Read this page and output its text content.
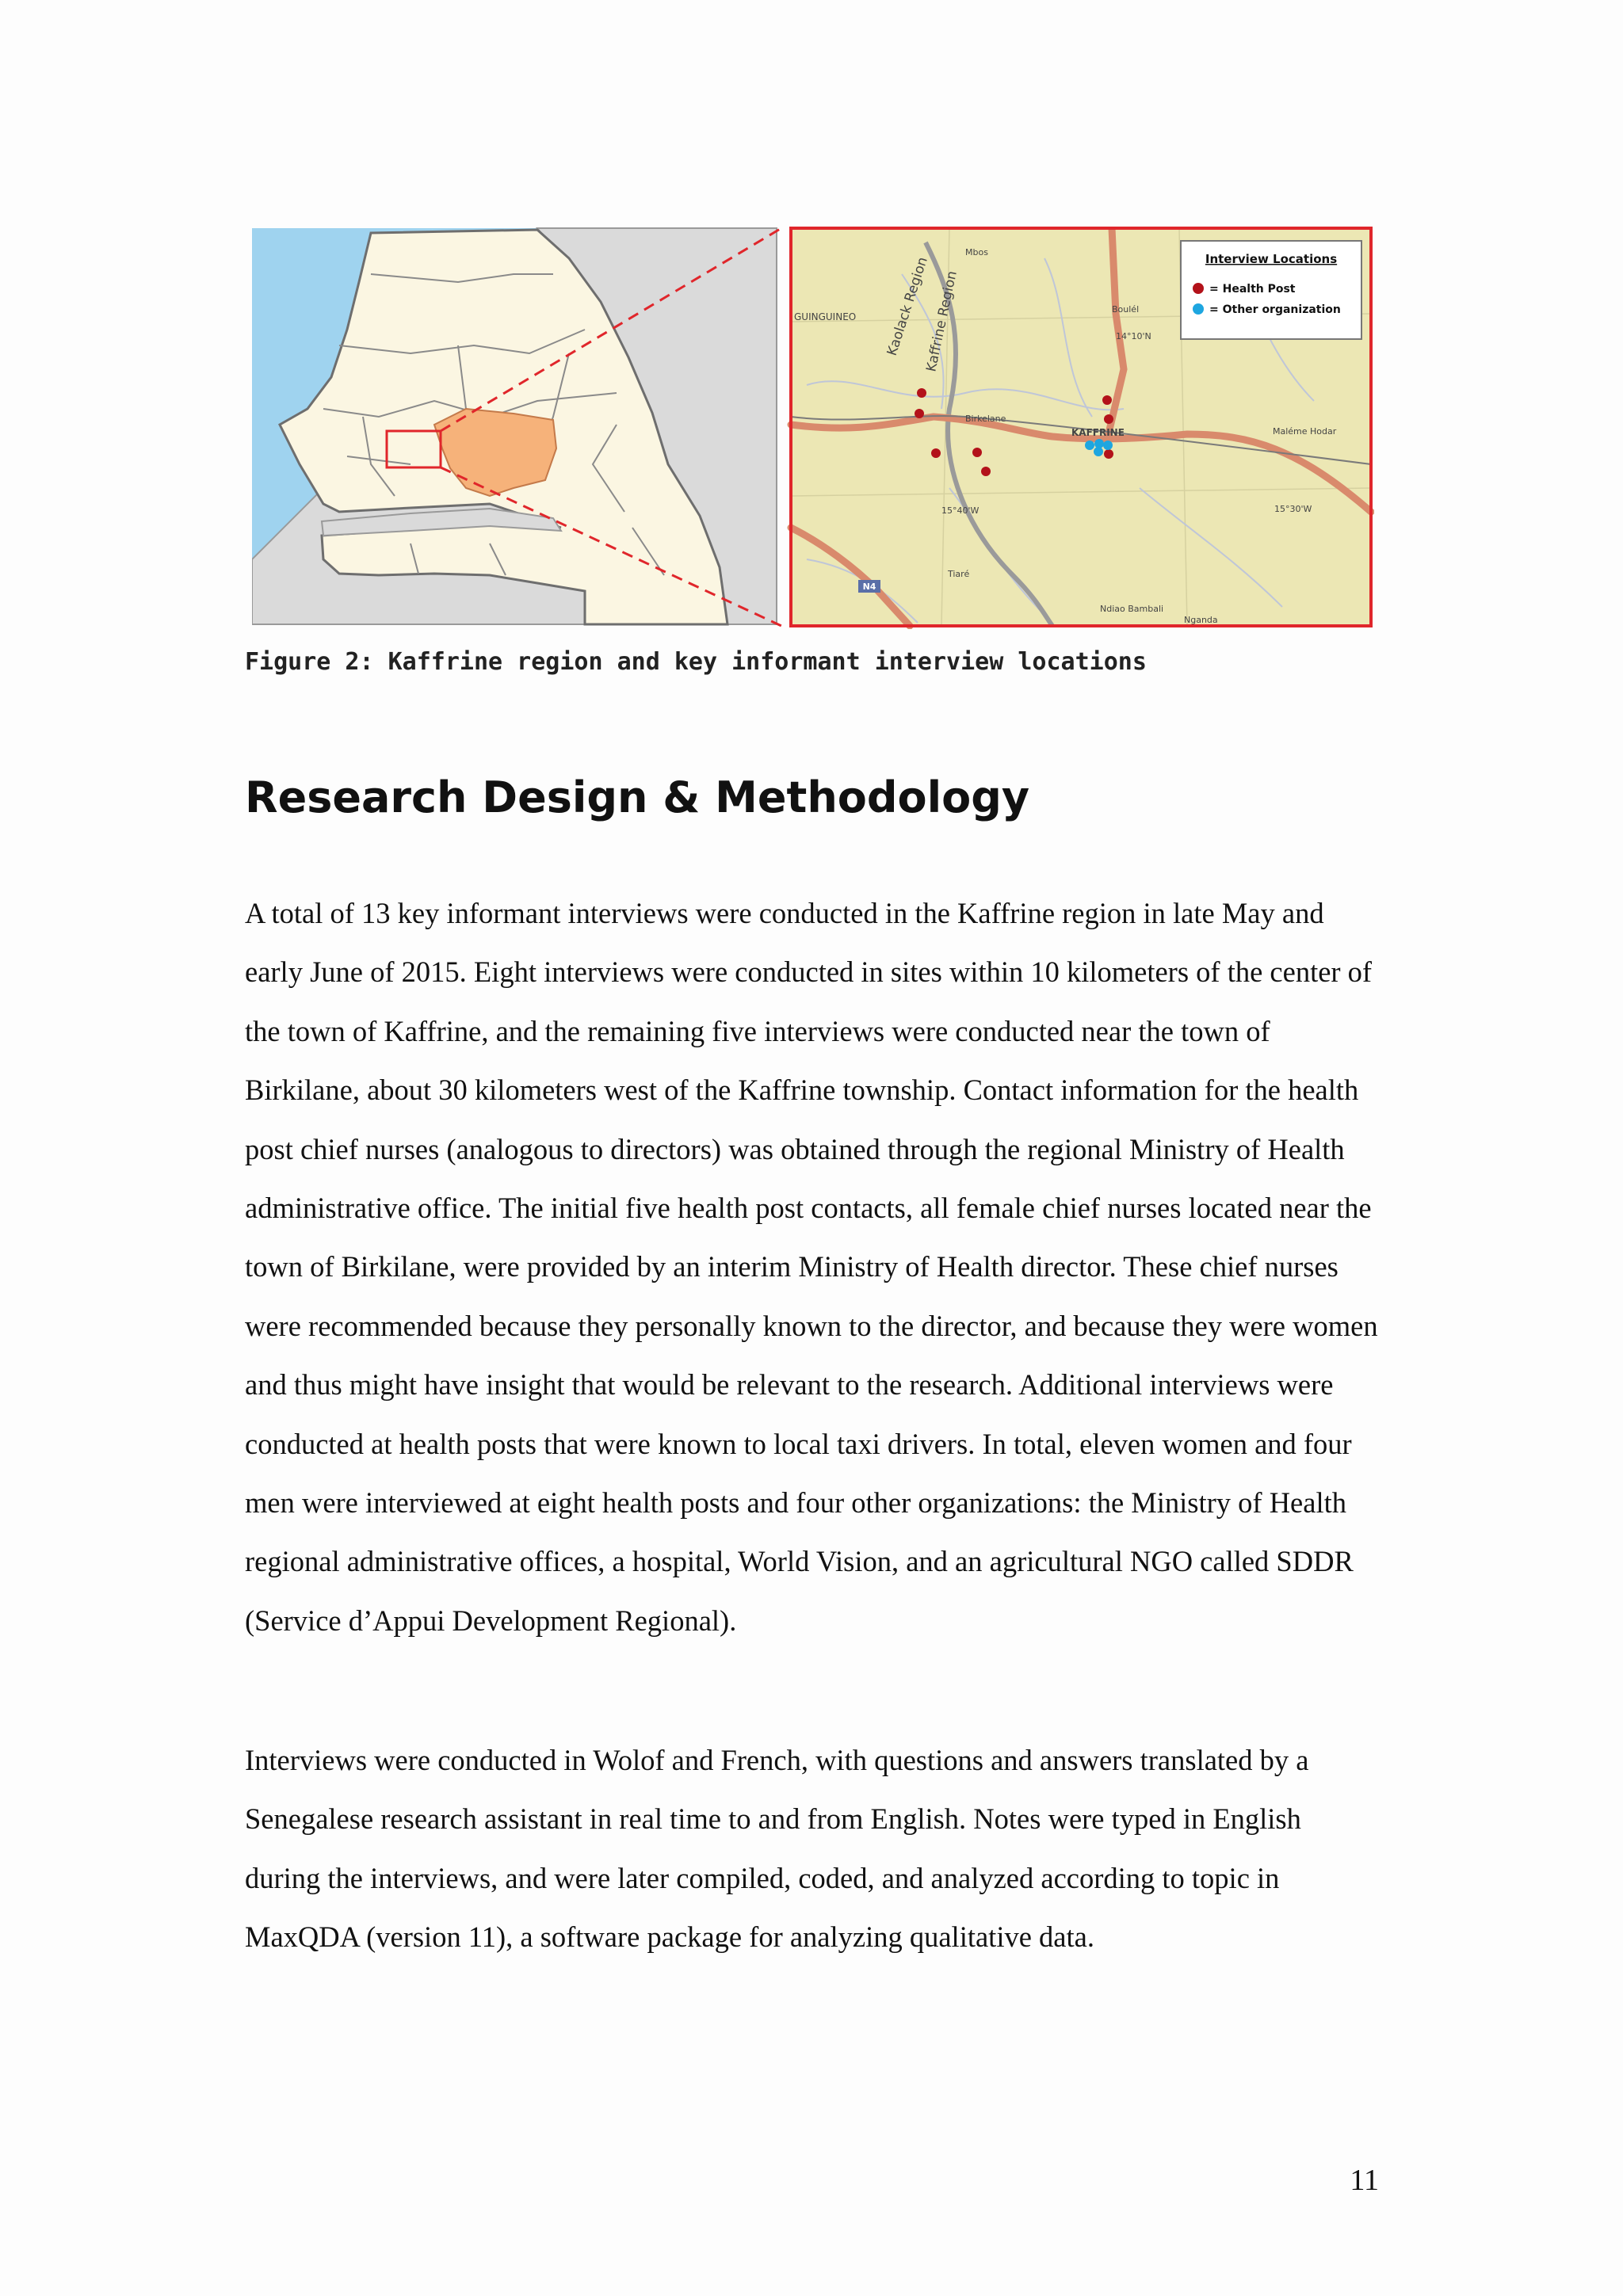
N4
Mbos
GUINGUINEO
Boulél
Birkelane
KAFFRINE	Maléme Hodar
Tiaré
Ndiao Bambali
Nganda
14°10'N
15°40'W	15°30'W
Kaolack Region
Kaffrine Region
Interview Locations
= Health Post
= Other organization
Figure 2: Kaffrine region and key informant interview locations
Research Design & Methodology

A total of 13 key informant interviews were conducted in the Kaffrine region in late May and early June of 2015. Eight interviews were conducted in sites within 10 kilometers of the center of the town of Kaffrine, and the remaining five interviews were conducted near the town of Birkilane, about 30 kilometers west of the Kaffrine township. Contact information for the health post chief nurses (analogous to directors) was obtained through the regional Ministry of Health administrative office. The initial five health post contacts, all female chief nurses located near the town of Birkilane, were provided by an interim Ministry of Health director. These chief nurses were recommended because they personally known to the director, and because they were women and thus might have insight that would be relevant to the research. Additional interviews were conducted at health posts that were known to local taxi drivers. In total, eleven women and four men were interviewed at eight health posts and four other organizations: the Ministry of Health regional administrative offices, a hospital, World Vision, and an agricultural NGO called SDDR (Service d’Appui Development Regional).

Interviews were conducted in Wolof and French, with questions and answers translated by a Senegalese research assistant in real time to and from English. Notes were typed in English during the interviews, and were later compiled, coded, and analyzed according to topic in MaxQDA (version 11), a software package for analyzing qualitative data.

11
